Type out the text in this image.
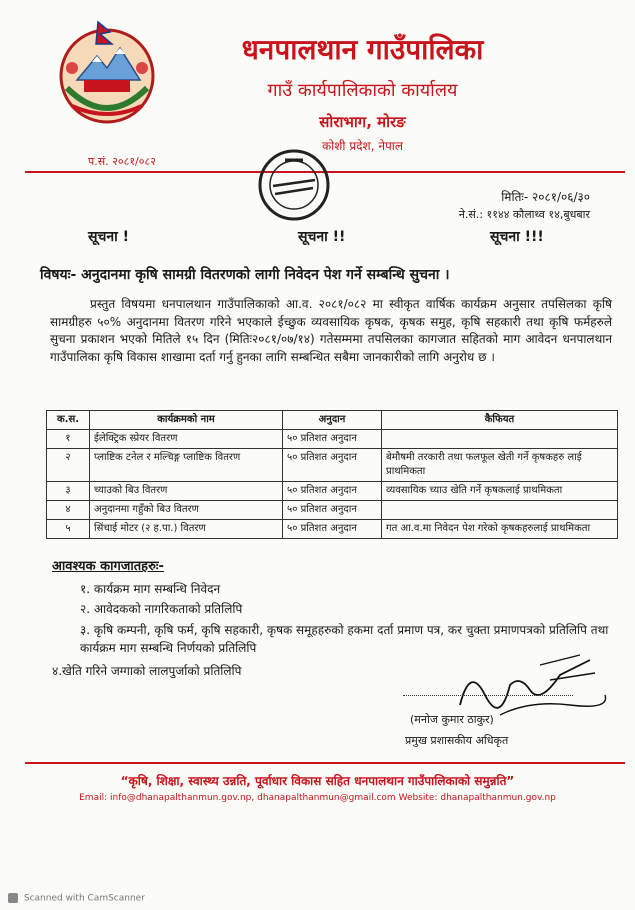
धनपालथान गाउँपालिका
गाउँ कार्यपालिकाको कार्यालय
सोराभाग, मोरङ
कोशी प्रदेश, नेपाल
प.सं. २०८१/०८२
मितिः- २०८१/०६/३०
ने.सं.: ११४४ कौलाथ्व १४,बुधबार
सूचना !	सूचना !!	सूचना !!!
विषयः- अनुदानमा कृषि सामग्री वितरणको लागी निवेदन पेश गर्ने सम्बन्धि सुचना ।
प्रस्तुत विषयमा धनपालथान गाउँपालिकाको आ.व. २०८१/०८२ मा स्वीकृत वार्षिक कार्यक्रम अनुसार तपसिलका कृषि सामग्रीहरु ५०% अनुदानमा वितरण गरिने भएकाले ईच्छुक व्यवसायिक कृषक, कृषक समुह, कृषि सहकारी तथा कृषि फर्महरुले सुचना प्रकाशन भएको मितिले १५ दिन (मितिः२०८१/०७/१४) गतेसम्ममा तपसिलका कागजात सहितको माग आवेदन धनपालथान गाउँपालिका कृषि विकास शाखामा दर्ता गर्नु हुनका लागि सम्बन्धित सबैमा जानकारीको लागि अनुरोध छ ।
क.स.	कार्यक्रमको नाम	अनुदान	कैफियत
१	ईलेक्ट्रिक स्प्रेयर वितरण	५० प्रतिशत अनुदान	
२	प्लाष्टिक टनेल र मल्चिङ्ग प्लाष्टिक वितरण	५० प्रतिशत अनुदान	बेमौषमी तरकारी तथा फलफूल खेती गर्ने कृषकहरु लाई प्राथमिकता
३	च्याउको बिउ वितरण	५० प्रतिशत अनुदान	व्यवसायिक च्याउ खेति गर्ने कृषकलाई प्राथमिकता
४	अनुदानमा गहुँको बिउ वितरण	५० प्रतिशत अनुदान	
५	सिंचाई मोटर (२ ह.पा.) वितरण	५० प्रतिशत अनुदान	गत आ.व.मा निवेदन पेश गरेको कृषकहरुलाई प्राथमिकता
आवश्यक कागजातहरुः-
१. कार्यक्रम माग सम्बन्धि निवेदन
२. आवेदकको नागरिकताको प्रतिलिपि
३. कृषि कम्पनी, कृषि फर्म, कृषि सहकारी, कृषक समूहहरुको हकमा दर्ता प्रमाण पत्र, कर चुक्ता प्रमाणपत्रको प्रतिलिपि तथा कार्यक्रम माग सम्बन्धि निर्णयको प्रतिलिपि
४.खेति गरिने जग्गाको लालपुर्जाको प्रतिलिपि
(मनोज कुमार ठाकुर)
प्रमुख प्रशासकीय अधिकृत
“कृषि, शिक्षा, स्वास्थ्य उन्नति, पूर्वाधार विकास सहित धनपालथान गाउँपालिकाको समुन्नति”
Email: info@dhanapalthanmun.gov.np, dhanapalthanmun@gmail.com Website: dhanapalthanmun.gov.np
Scanned with CamScanner
